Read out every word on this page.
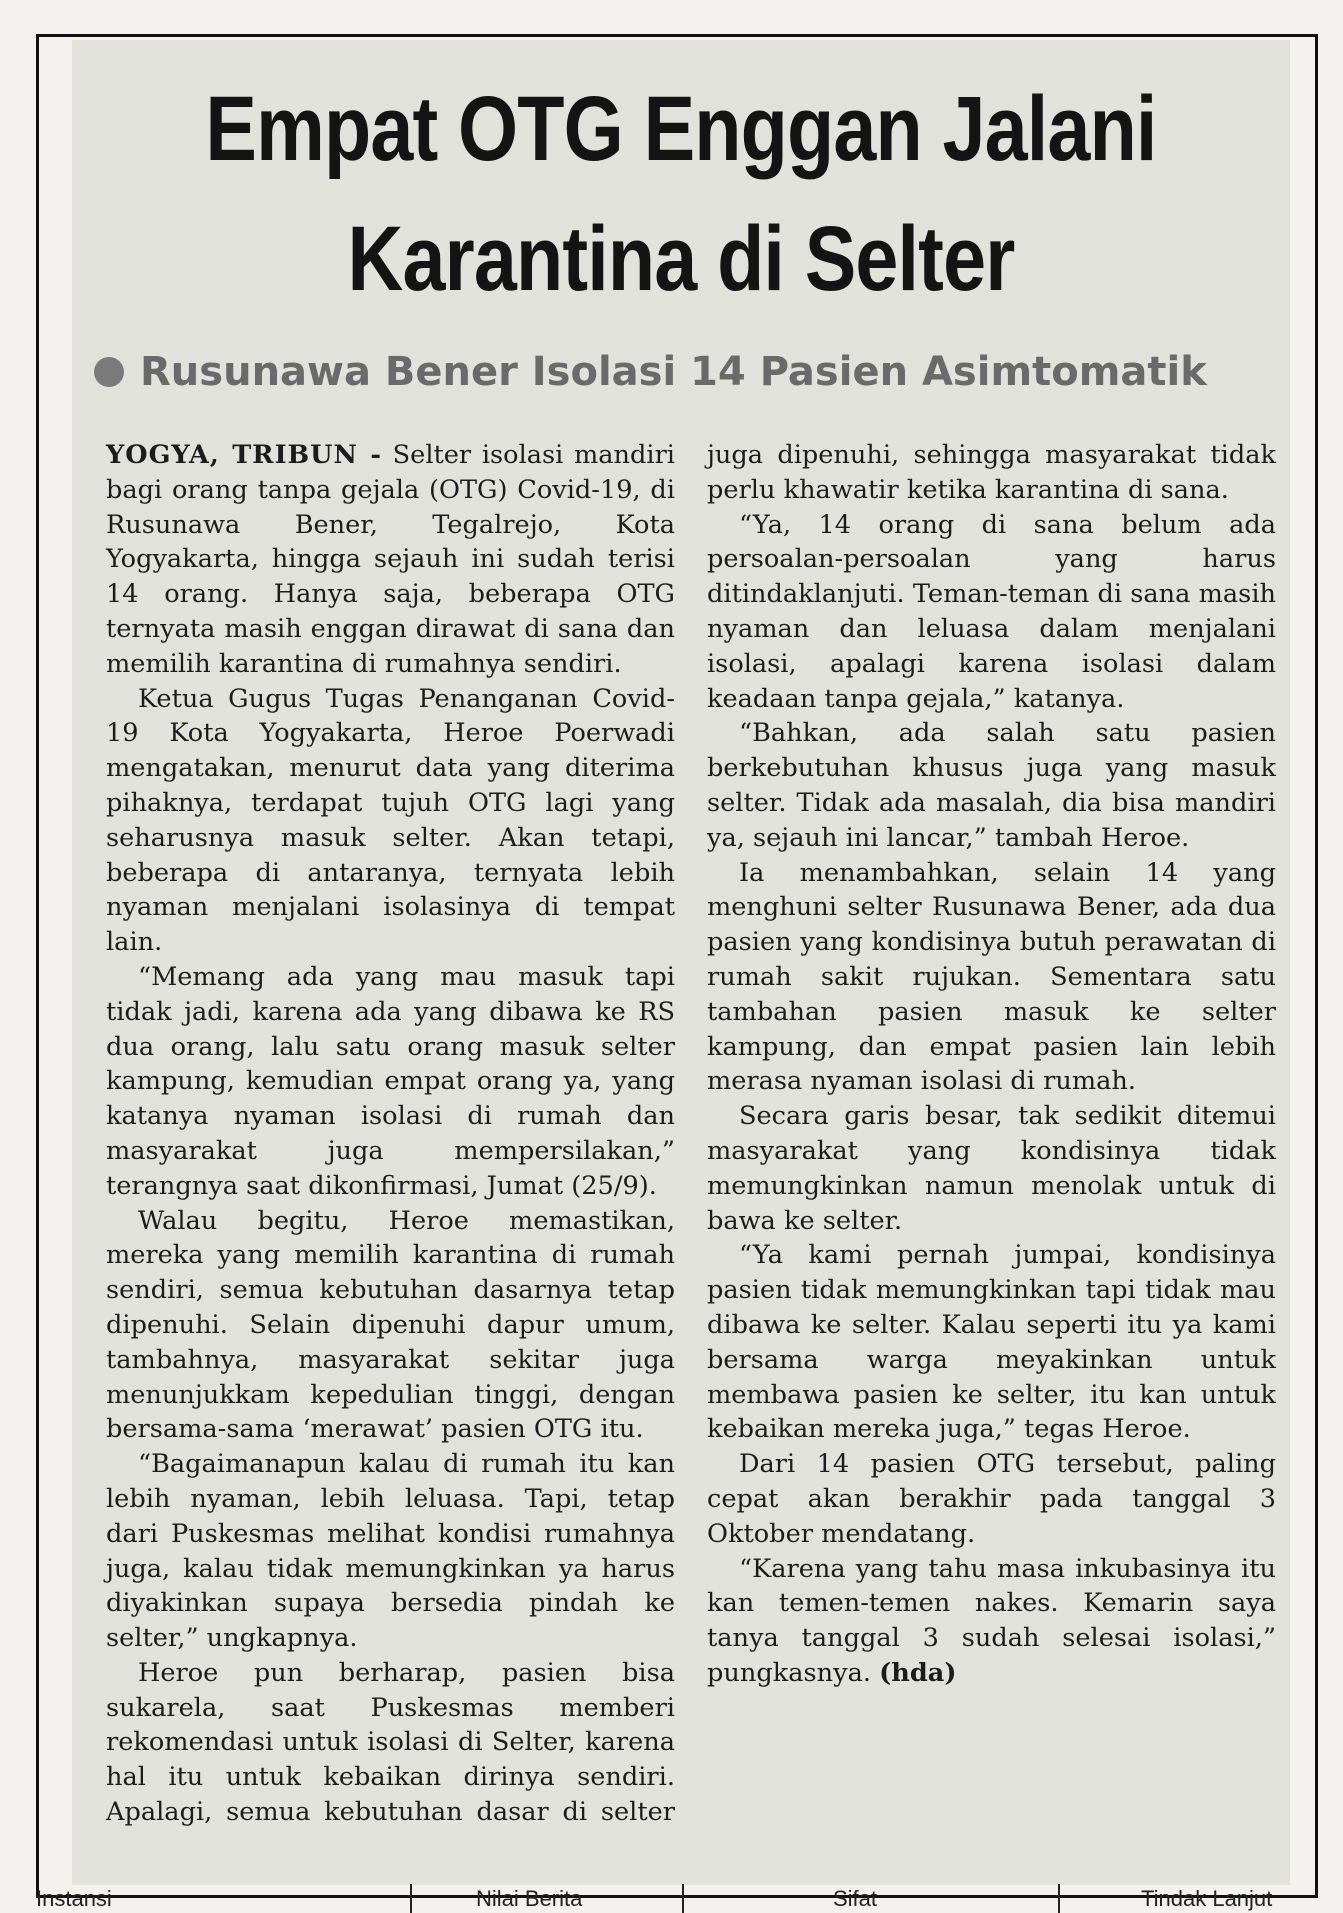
Empat OTG Enggan Jalani
Karantina di Selter
Rusunawa Bener Isolasi 14 Pasien Asimtomatik

YOGYA, TRIBUN - Selter isolasi mandiri bagi orang tanpa gejala (OTG) Covid-19, di Rusunawa Bener, Tegalrejo, Kota Yogyakarta, hingga sejauh ini sudah terisi 14 orang. Hanya saja, beberapa OTG ternyata masih enggan dirawat di sana dan memilih karantina di rumahnya sendiri.

Ketua Gugus Tugas Penanganan Covid-19 Kota Yogyakarta, Heroe Poerwadi mengatakan, menurut data yang diterima pihaknya, terdapat tujuh OTG lagi yang seharusnya masuk selter. Akan tetapi, beberapa di antaranya, ternyata lebih nyaman menjalani isolasinya di tempat lain.

“Memang ada yang mau masuk tapi tidak jadi, karena ada yang dibawa ke RS dua orang, lalu satu orang masuk selter kampung, kemudian empat orang ya, yang katanya nyaman isolasi di rumah dan masyarakat juga mempersilakan,” terangnya saat dikonfirmasi, Jumat (25/9).

Walau begitu, Heroe memastikan, mereka yang memilih karantina di rumah sendiri, semua kebutuhan dasarnya tetap dipenuhi. Selain dipenuhi dapur umum, tambahnya, masyarakat sekitar juga menunjukkam kepedulian tinggi, dengan bersama-sama ‘merawat’ pasien OTG itu.

“Bagaimanapun kalau di rumah itu kan lebih nyaman, lebih leluasa. Tapi, tetap dari Puskesmas melihat kondisi rumahnya juga, kalau tidak memungkinkan ya harus diyakinkan supaya bersedia pindah ke selter,” ungkapnya.

Heroe pun berharap, pasien bisa sukarela, saat Puskesmas memberi rekomendasi untuk isolasi di Selter, karena hal itu untuk kebaikan dirinya sendiri. Apalagi, semua kebutuhan dasar di selter juga dipenuhi, sehingga masyarakat tidak perlu khawatir ketika karantina di sana.

“Ya, 14 orang di sana belum ada persoalan-persoalan yang harus ditindaklanjuti. Teman-teman di sana masih nyaman dan leluasa dalam menjalani isolasi, apalagi karena isolasi dalam keadaan tanpa gejala,” katanya.

“Bahkan, ada salah satu pasien berkebutuhan khusus juga yang masuk selter. Tidak ada masalah, dia bisa mandiri ya, sejauh ini lancar,” tambah Heroe.

Ia menambahkan, selain 14 yang menghuni selter Rusunawa Bener, ada dua pasien yang kondisinya butuh perawatan di rumah sakit rujukan. Sementara satu tambahan pasien masuk ke selter kampung, dan empat pasien lain lebih merasa nyaman isolasi di rumah.

Secara garis besar, tak sedikit ditemui masyarakat yang kondisinya tidak memungkinkan namun menolak untuk di bawa ke selter.

“Ya kami pernah jumpai, kondisinya pasien tidak memungkinkan tapi tidak mau dibawa ke selter. Kalau seperti itu ya kami bersama warga meyakinkan untuk membawa pasien ke selter, itu kan untuk kebaikan mereka juga,” tegas Heroe.

Dari 14 pasien OTG tersebut, paling cepat akan berakhir pada tanggal 3 Oktober mendatang.

“Karena yang tahu masa inkubasinya itu kan temen-temen nakes. Kemarin saya tanya tanggal 3 sudah selesai isolasi,” pungkasnya. (hda)

Instansi	Nilai Berita	Sifat	Tindak Lanjut
